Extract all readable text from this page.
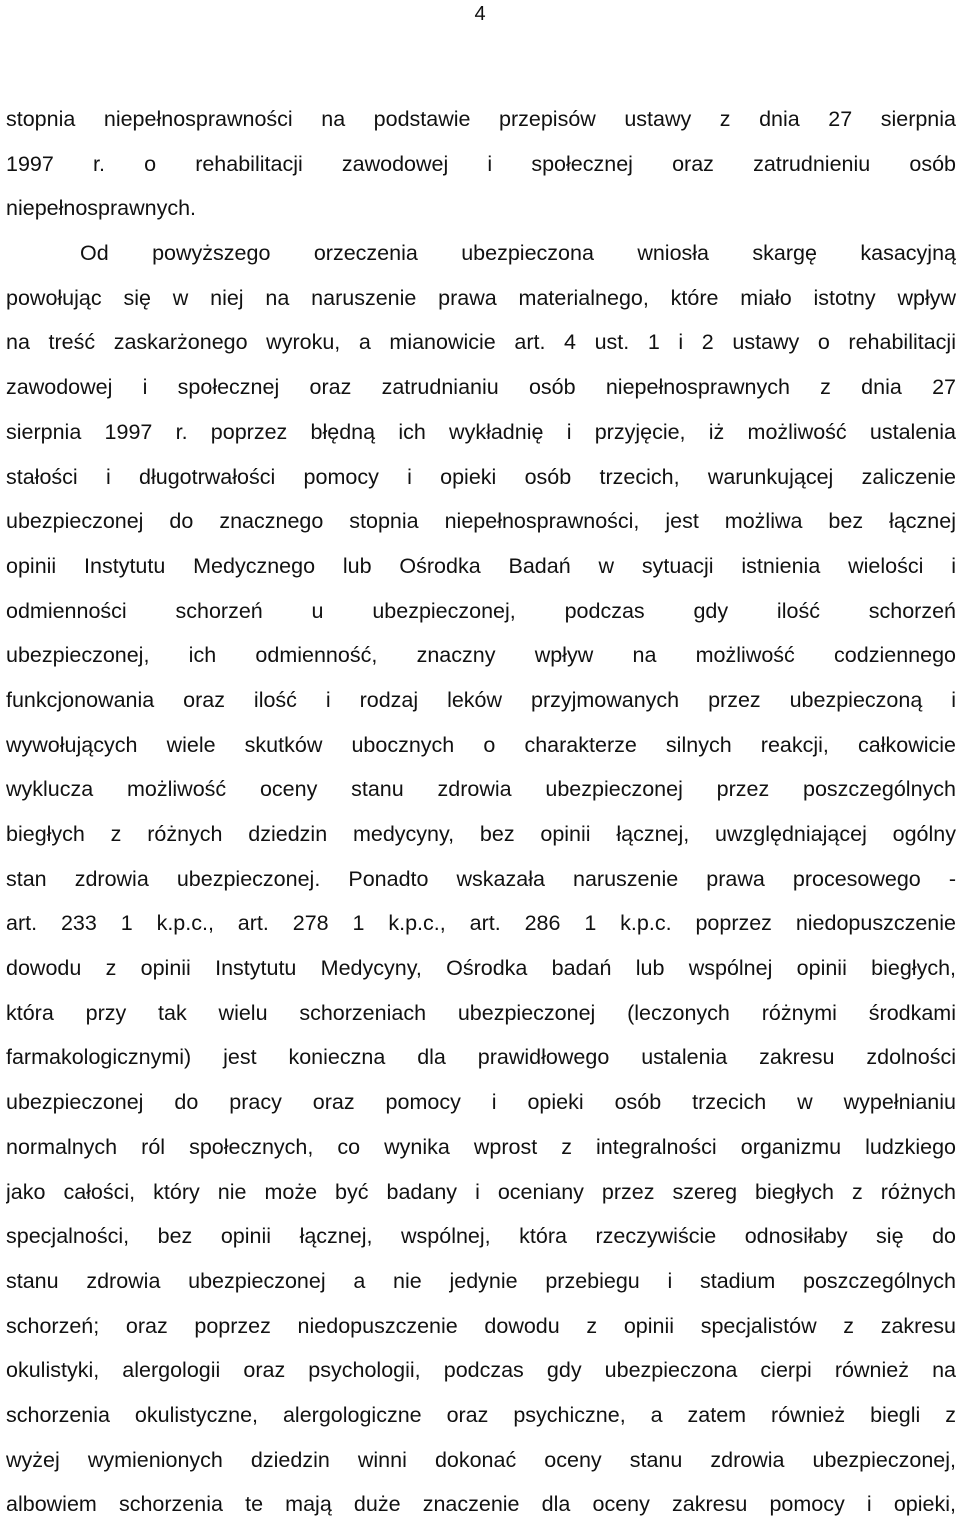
4
stopnia niepełnosprawności na podstawie przepisów ustawy z dnia 27 sierpnia
1997 r. o rehabilitacji zawodowej i społecznej oraz zatrudnieniu osób
niepełnosprawnych.
Od powyższego orzeczenia ubezpieczona wniosła skargę kasacyjną
powołując się w niej na naruszenie prawa materialnego, które miało istotny wpływ
na treść zaskarżonego wyroku, a mianowicie art. 4 ust. 1 i 2 ustawy o rehabilitacji
zawodowej i społecznej oraz zatrudnianiu osób niepełnosprawnych z dnia 27
sierpnia 1997 r. poprzez błędną ich wykładnię i przyjęcie, iż możliwość ustalenia
stałości i długotrwałości pomocy i opieki osób trzecich, warunkującej zaliczenie
ubezpieczonej do znacznego stopnia niepełnosprawności, jest możliwa bez łącznej
opinii Instytutu Medycznego lub Ośrodka Badań w sytuacji istnienia wielości i
odmienności schorzeń u ubezpieczonej, podczas gdy ilość schorzeń
ubezpieczonej, ich odmienność, znaczny wpływ na możliwość codziennego
funkcjonowania oraz ilość i rodzaj leków przyjmowanych przez ubezpieczoną i
wywołujących wiele skutków ubocznych o charakterze silnych reakcji, całkowicie
wyklucza możliwość oceny stanu zdrowia ubezpieczonej przez poszczególnych
biegłych z różnych dziedzin medycyny, bez opinii łącznej, uwzględniającej ogólny
stan zdrowia ubezpieczonej. Ponadto wskazała naruszenie prawa procesowego -
art. 233 1 k.p.c., art. 278 1 k.p.c., art. 286 1 k.p.c. poprzez niedopuszczenie
dowodu z opinii Instytutu Medycyny, Ośrodka badań lub wspólnej opinii biegłych,
która przy tak wielu schorzeniach ubezpieczonej (leczonych różnymi środkami
farmakologicznymi) jest konieczna dla prawidłowego ustalenia zakresu zdolności
ubezpieczonej do pracy oraz pomocy i opieki osób trzecich w wypełnianiu
normalnych ról społecznych, co wynika wprost z integralności organizmu ludzkiego
jako całości, który nie może być badany i oceniany przez szereg biegłych z różnych
specjalności, bez opinii łącznej, wspólnej, która rzeczywiście odnosiłaby się do
stanu zdrowia ubezpieczonej a nie jedynie przebiegu i stadium poszczególnych
schorzeń; oraz poprzez niedopuszczenie dowodu z opinii specjalistów z zakresu
okulistyki, alergologii oraz psychologii, podczas gdy ubezpieczona cierpi również na
schorzenia okulistyczne, alergologiczne oraz psychiczne, a zatem również biegli z
wyżej wymienionych dziedzin winni dokonać oceny stanu zdrowia ubezpieczonej,
albowiem schorzenia te mają duże znaczenie dla oceny zakresu pomocy i opieki,
